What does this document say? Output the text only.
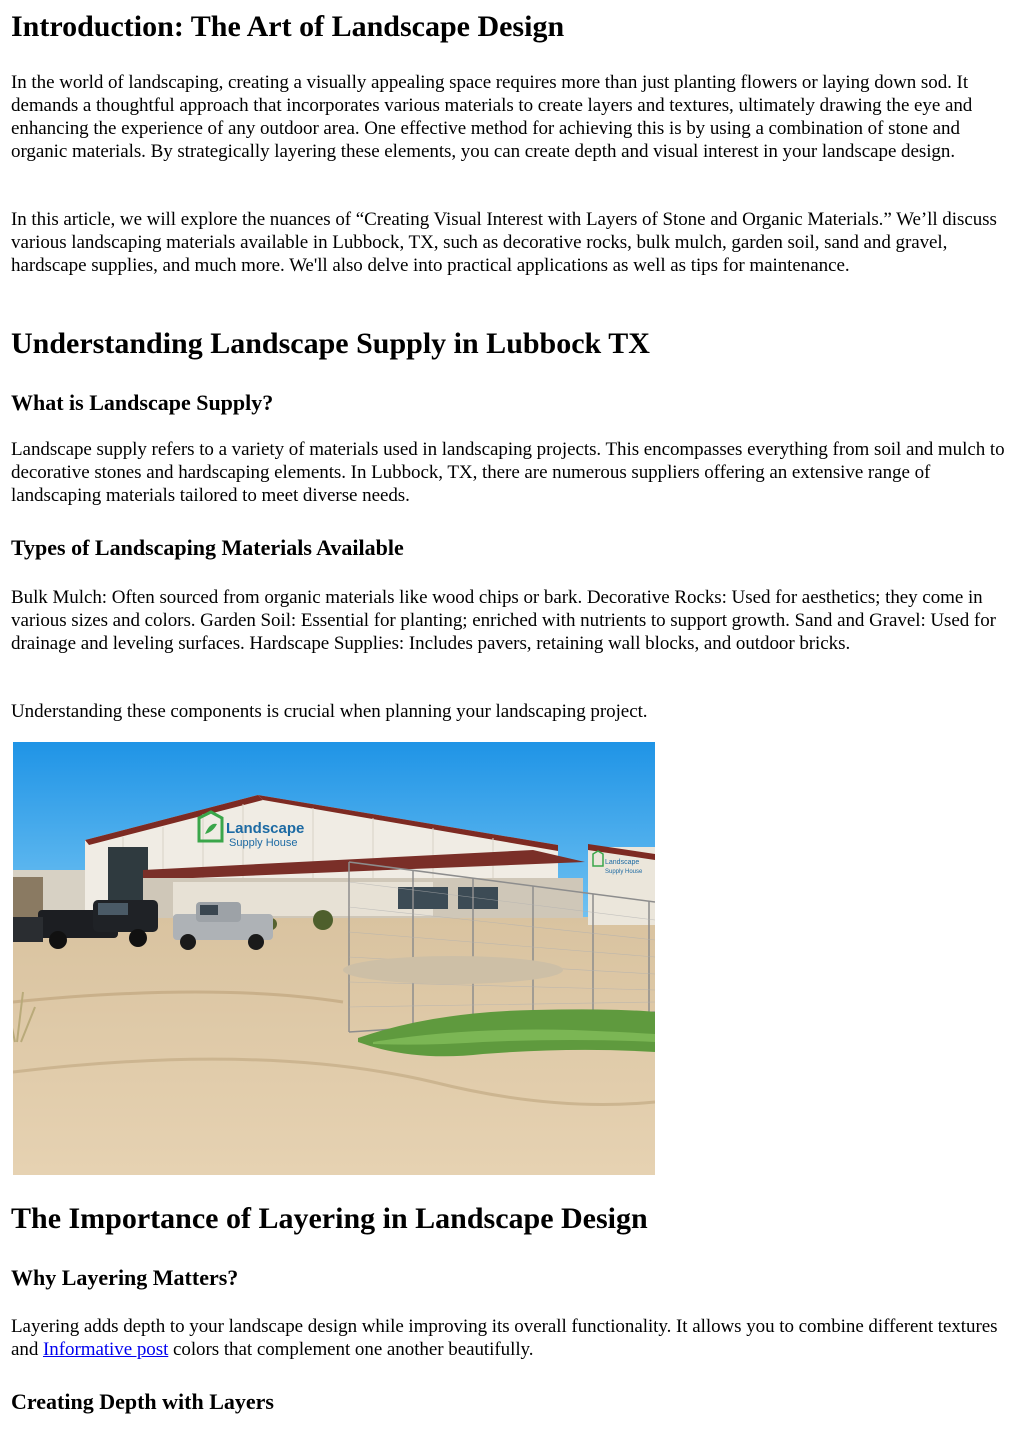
Introduction: The Art of Landscape Design

In the world of landscaping, creating a visually appealing space requires more than just planting flowers or laying down sod. It demands a thoughtful approach that incorporates various materials to create layers and textures, ultimately drawing the eye and enhancing the experience of any outdoor area. One effective method for achieving this is by using a combination of stone and organic materials. By strategically layering these elements, you can create depth and visual interest in your landscape design.

In this article, we will explore the nuances of “Creating Visual Interest with Layers of Stone and Organic Materials.” We’ll discuss various landscaping materials available in Lubbock, TX, such as decorative rocks, bulk mulch, garden soil, sand and gravel, hardscape supplies, and much more. We'll also delve into practical applications as well as tips for maintenance.

Understanding Landscape Supply in Lubbock TX
What is Landscape Supply?

Landscape supply refers to a variety of materials used in landscaping projects. This encompasses everything from soil and mulch to decorative stones and hardscaping elements. In Lubbock, TX, there are numerous suppliers offering an extensive range of landscaping materials tailored to meet diverse needs.

Types of Landscaping Materials Available

Bulk Mulch: Often sourced from organic materials like wood chips or bark. Decorative Rocks: Used for aesthetics; they come in various sizes and colors. Garden Soil: Essential for planting; enriched with nutrients to support growth. Sand and Gravel: Used for drainage and leveling surfaces. Hardscape Supplies: Includes pavers, retaining wall blocks, and outdoor bricks.

Understanding these components is crucial when planning your landscaping project.

Landscape
Supply House
Landscape
Supply House
The Importance of Layering in Landscape Design
Why Layering Matters?

Layering adds depth to your landscape design while improving its overall functionality. It allows you to combine different textures and Informative post colors that complement one another beautifully.

Creating Depth with Layers
